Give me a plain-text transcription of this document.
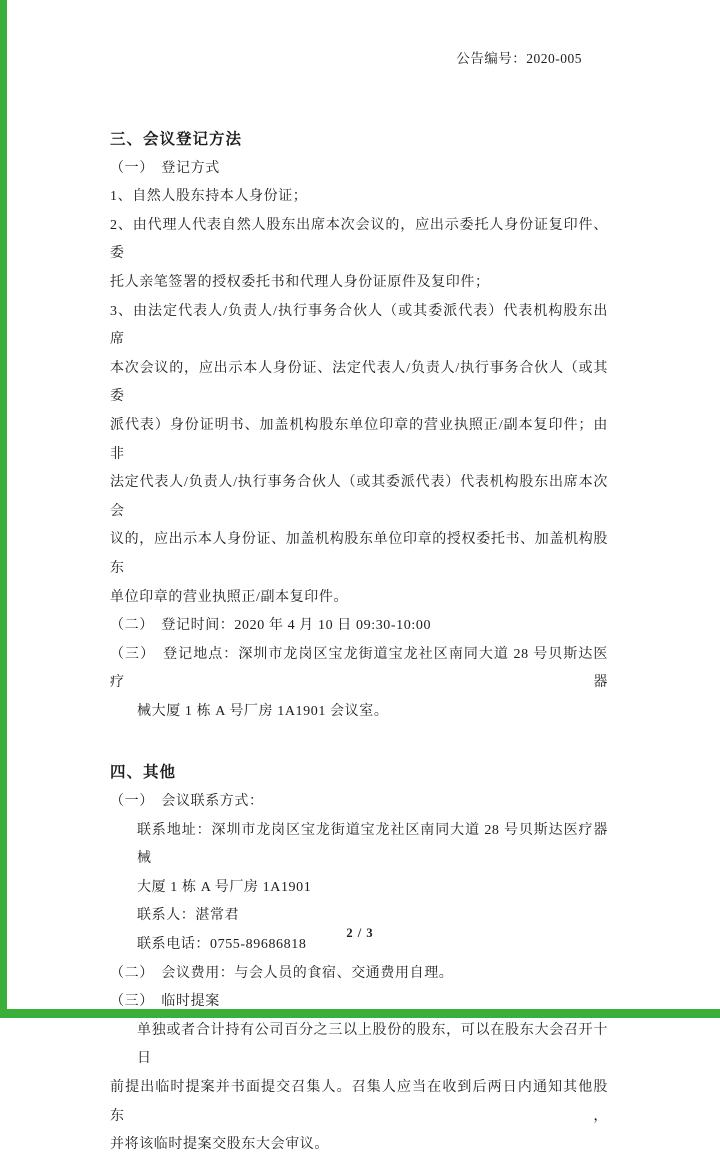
公告编号：2020-005
三、会议登记方法
（一）　登记方式
1、自然人股东持本人身份证；
2、由代理人代表自然人股东出席本次会议的，应出示委托人身份证复印件、委
托人亲笔签署的授权委托书和代理人身份证原件及复印件；
3、由法定代表人/负责人/执行事务合伙人（或其委派代表）代表机构股东出席
本次会议的，应出示本人身份证、法定代表人/负责人/执行事务合伙人（或其委
派代表）身份证明书、加盖机构股东单位印章的营业执照正/副本复印件；由非
法定代表人/负责人/执行事务合伙人（或其委派代表）代表机构股东出席本次会
议的，应出示本人身份证、加盖机构股东单位印章的授权委托书、加盖机构股东
单位印章的营业执照正/副本复印件。
（二）　登记时间：2020 年 4 月 10 日 09:30-10:00
（三）　登记地点：深圳市龙岗区宝龙街道宝龙社区南同大道 28 号贝斯达医疗器
械大厦 1 栋 A 号厂房 1A1901 会议室。
四、其他
（一）　会议联系方式：
联系地址：深圳市龙岗区宝龙街道宝龙社区南同大道 28 号贝斯达医疗器械
大厦 1 栋 A 号厂房 1A1901
联系人：湛常君
联系电话：0755-89686818
（二）　会议费用：与会人员的食宿、交通费用自理。
（三）　临时提案
单独或者合计持有公司百分之三以上股份的股东，可以在股东大会召开十日
前提出临时提案并书面提交召集人。召集人应当在收到后两日内通知其他股东，
并将该临时提案交股东大会审议。
2 / 3
